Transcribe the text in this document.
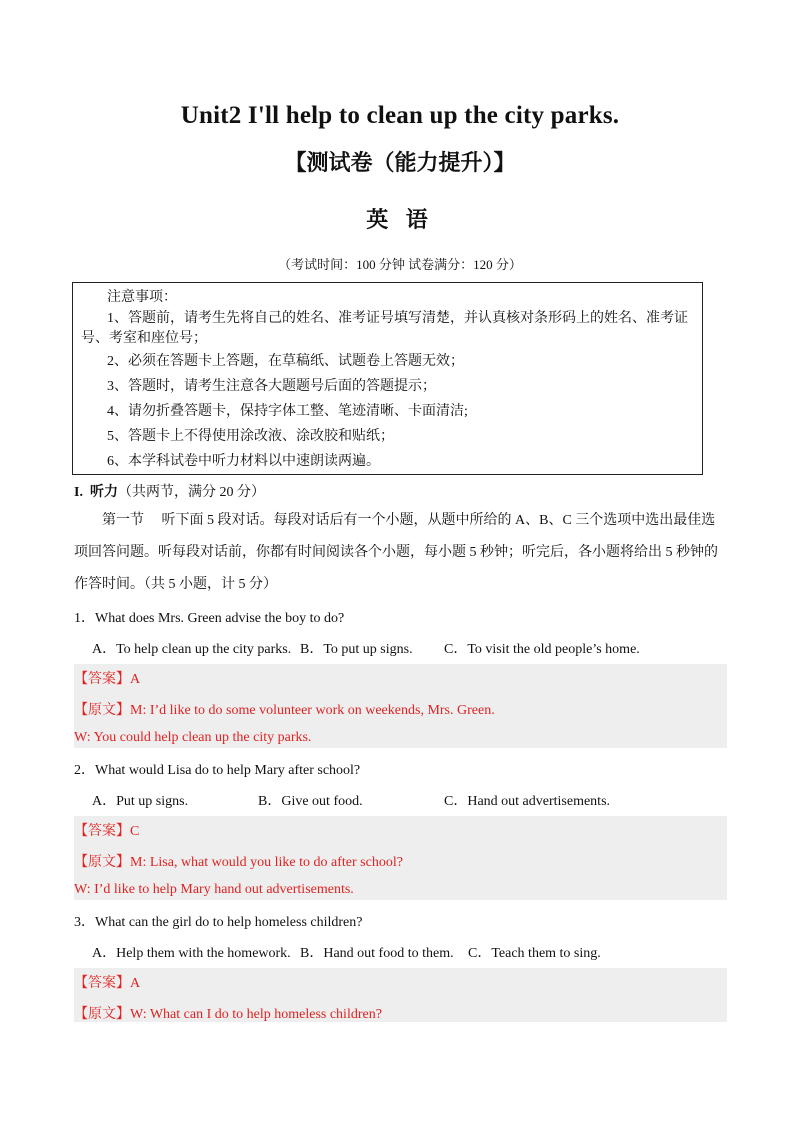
Unit2 I'll help to clean up the city parks.
【测试卷（能力提升）】
英 语
（考试时间：100 分钟 试卷满分：120 分）
注意事项：
1、答题前，请考生先将自己的姓名、准考证号填写清楚，并认真核对条形码上的姓名、准考证号、考室和座位号；
2、必须在答题卡上答题，在草稿纸、试题卷上答题无效；
3、答题时，请考生注意各大题题号后面的答题提示；
4、请勿折叠答题卡，保持字体工整、笔迹清晰、卡面清洁;
5、答题卡上不得使用涂改液、涂改胶和贴纸；
6、本学科试卷中听力材料以中速朗读两遍。
I. 听力（共两节，满分 20 分）
第一节　 听下面 5 段对话。每段对话后有一个小题，从题中所给的 A、B、C 三个选项中选出最佳选项回答问题。听每段对话前，你都有时间阅读各个小题，每小题 5 秒钟；听完后，各小题将给出 5 秒钟的作答时间。（共 5 小题，计 5 分）
1．What does Mrs. Green advise the boy to do?
A．To help clean up the city parks. B．To put up signs. C．To visit the old people’s home.
【答案】A
【原文】M: I’d like to do some volunteer work on weekends, Mrs. Green.
W: You could help clean up the city parks.
2．What would Lisa do to help Mary after school?
A．Put up signs.	B．Give out food.	C．Hand out advertisements.
【答案】C
【原文】M: Lisa, what would you like to do after school?
W: I’d like to help Mary hand out advertisements.
3．What can the girl do to help homeless children?
A．Help them with the homework. B．Hand out food to them. C．Teach them to sing.
【答案】A
【原文】W: What can I do to help homeless children?
